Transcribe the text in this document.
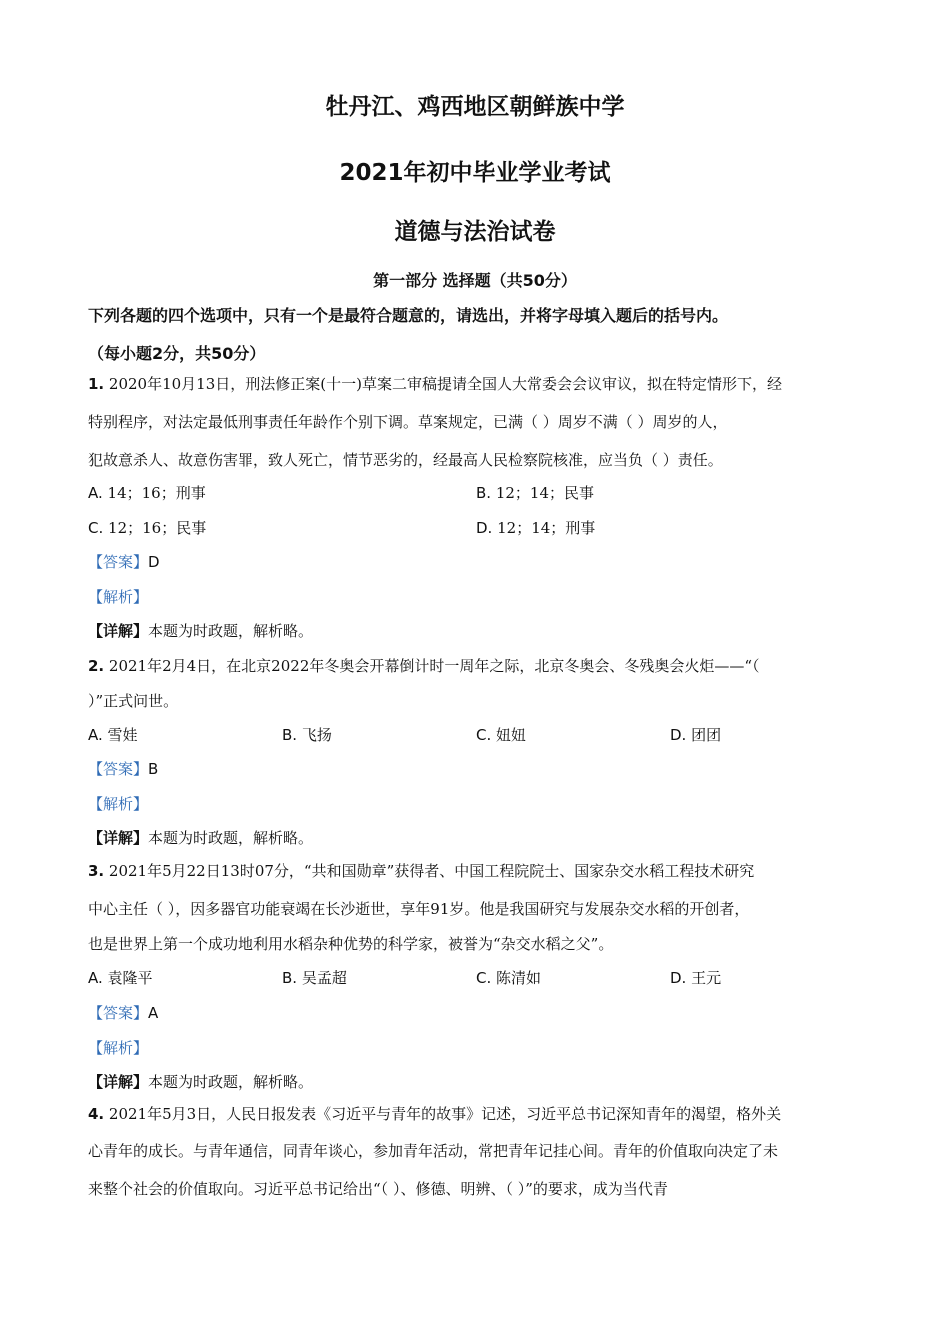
牡丹江、鸡西地区朝鲜族中学
2021年初中毕业学业考试
道德与法治试卷
第一部分 选择题（共50分）
下列各题的四个选项中，只有一个是最符合题意的，请选出，并将字母填入题后的括号内。
（每小题2分，共50分）
1. 2020年10月13日，刑法修正案(十一)草案二审稿提请全国人大常委会会议审议，拟在特定情形下，经
特别程序，对法定最低刑事责任年龄作个别下调。草案规定，已满（ ）周岁不满（ ）周岁的人，
犯故意杀人、故意伤害罪，致人死亡，情节恶劣的，经最高人民检察院核准，应当负（ ）责任。
A. 14；16；刑事	B. 12；14；民事
C. 12；16；民事	D. 12；14；刑事
【答案】D
【解析】
【详解】本题为时政题，解析略。
2. 2021年2月4日，在北京2022年冬奥会开幕倒计时一周年之际，北京冬奥会、冬残奥会火炬——“（
）”正式问世。
A. 雪娃	B. 飞扬	C. 妞妞	D. 团团
【答案】B
【解析】
【详解】本题为时政题，解析略。
3. 2021年5月22日13时07分，“共和国勋章”获得者、中国工程院院士、国家杂交水稻工程技术研究
中心主任（ ），因多器官功能衰竭在长沙逝世，享年91岁。他是我国研究与发展杂交水稻的开创者，
也是世界上第一个成功地利用水稻杂种优势的科学家，被誉为“杂交水稻之父”。
A. 袁隆平	B. 吴孟超	C. 陈清如	D. 王元
【答案】A
【解析】
【详解】本题为时政题，解析略。
4. 2021年5月3日，人民日报发表《习近平与青年的故事》记述，习近平总书记深知青年的渴望，格外关
心青年的成长。与青年通信，同青年谈心，参加青年活动，常把青年记挂心间。青年的价值取向决定了未
来整个社会的价值取向。习近平总书记给出“（ ）、修德、明辨、（ ）”的要求，成为当代青
